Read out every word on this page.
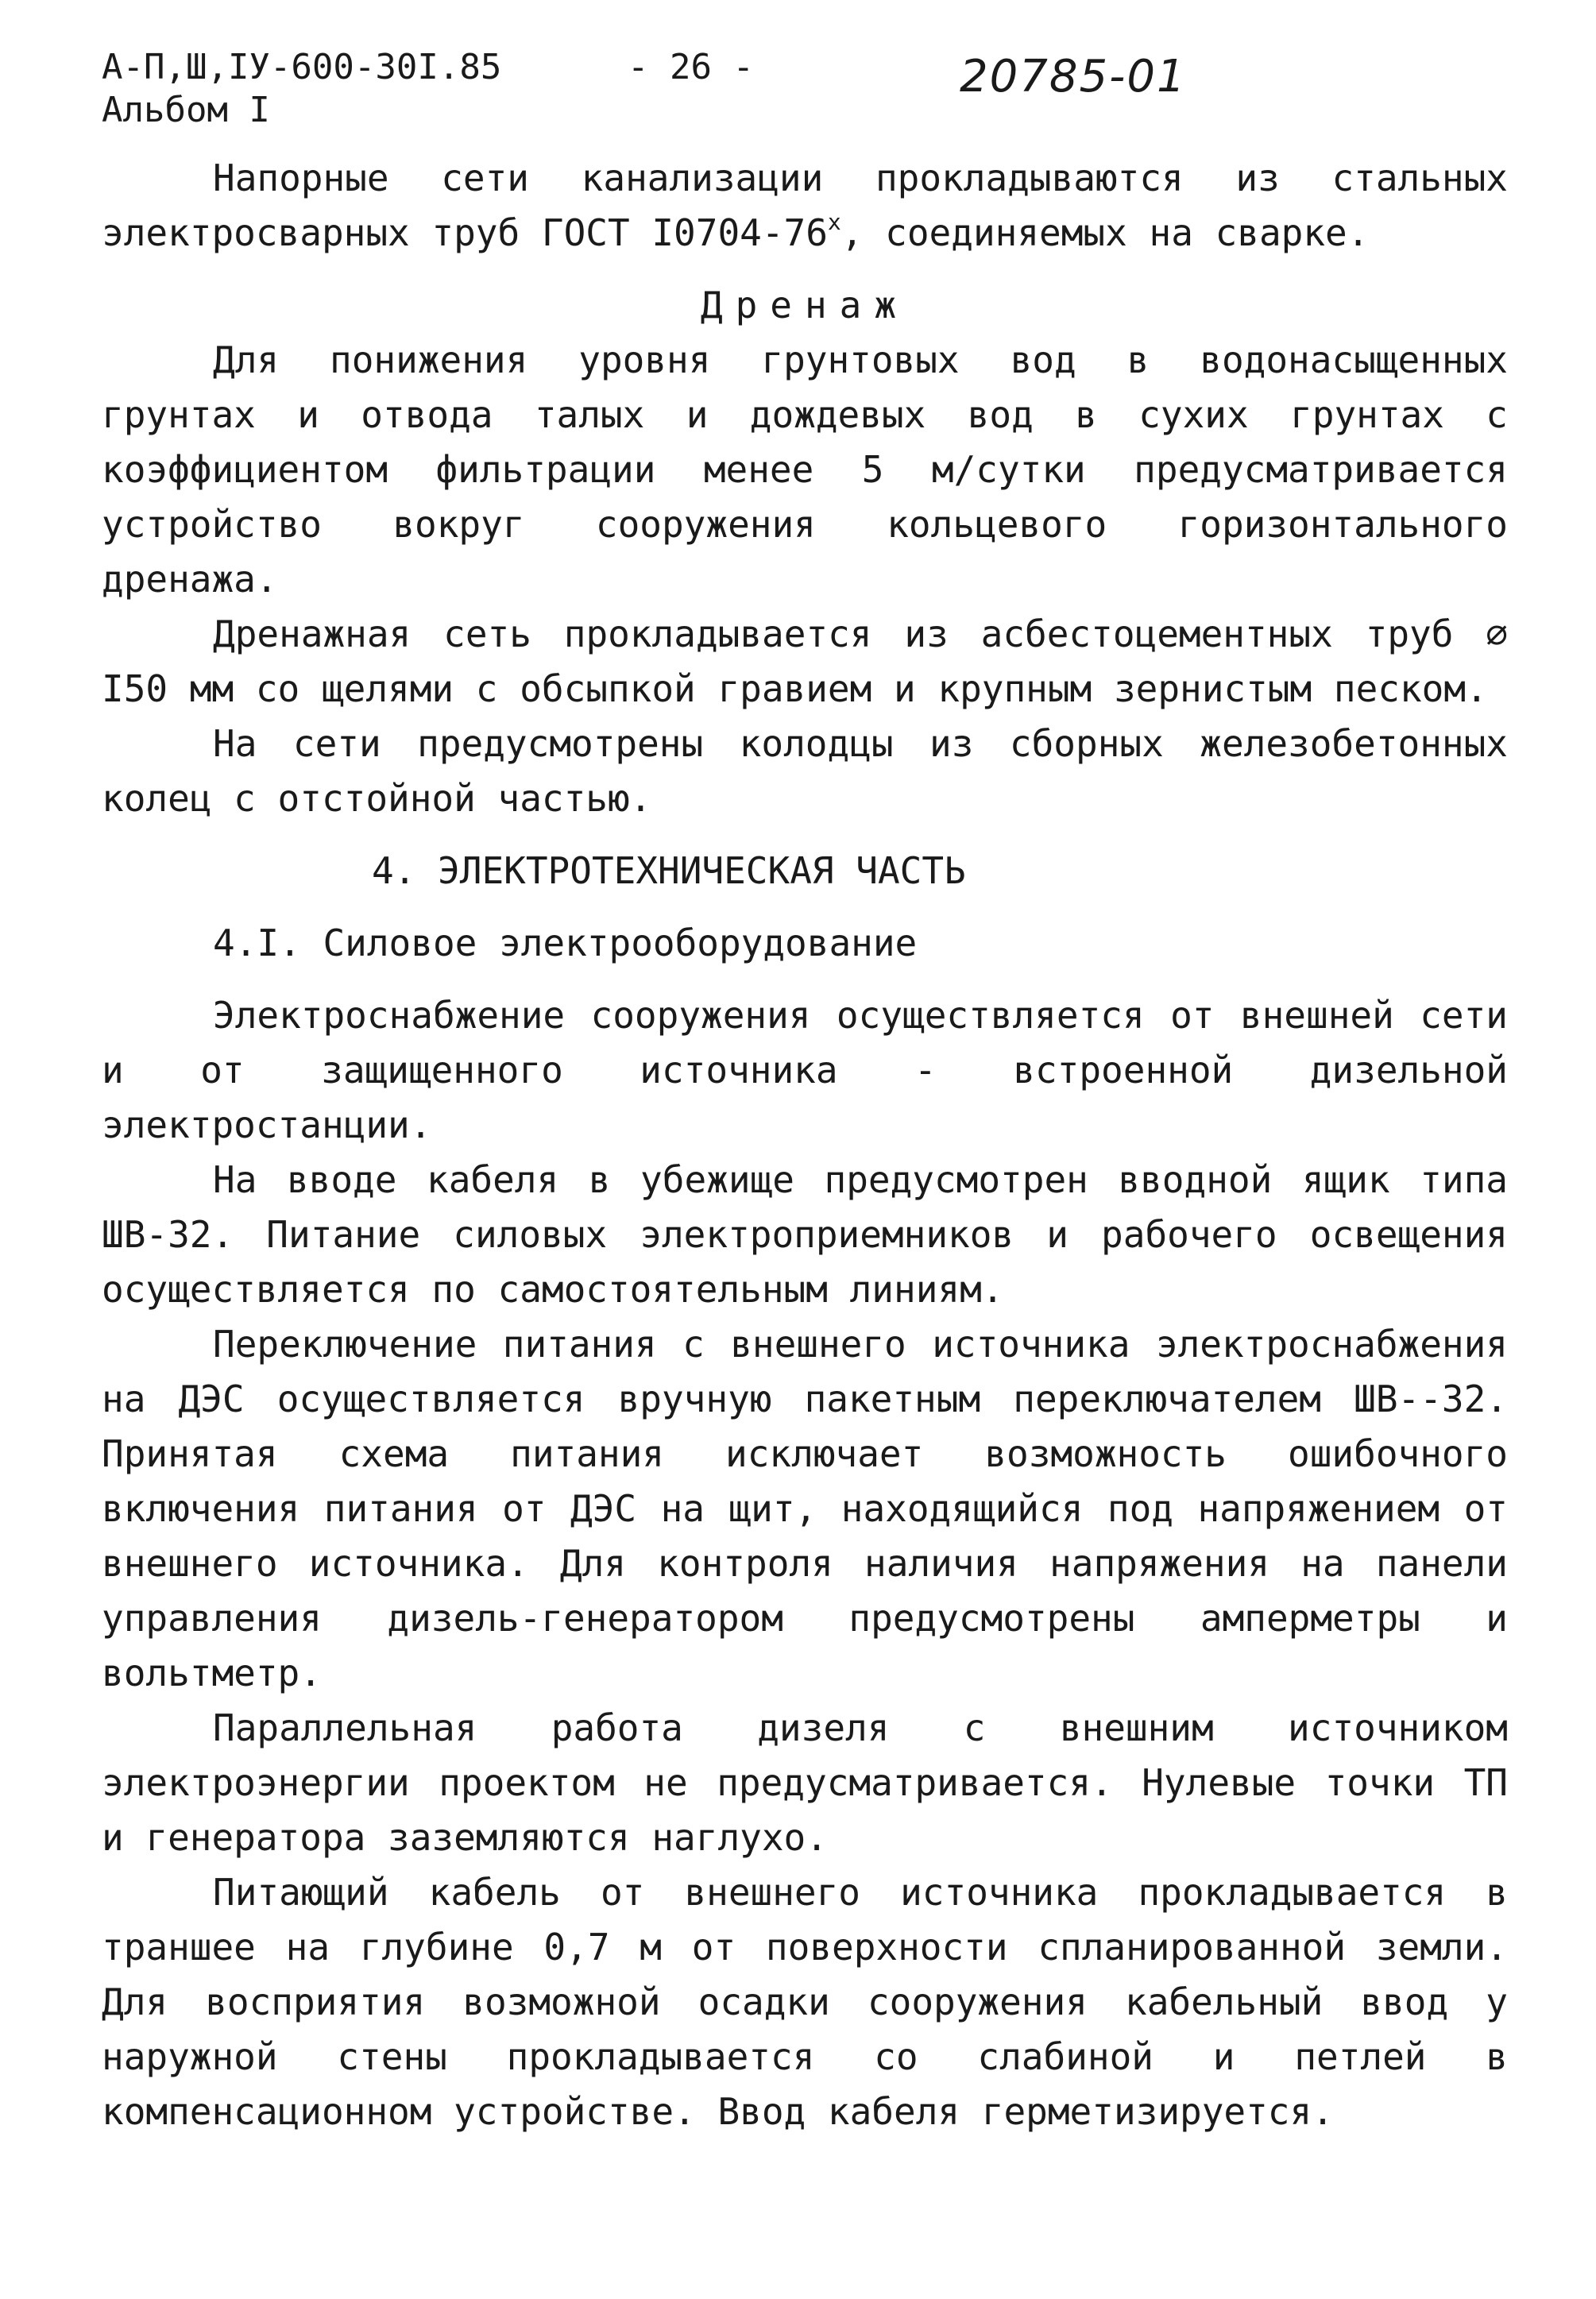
А-П,Ш,IУ-600-30I.85
Альбом I
- 26 -	20785-01

Напорные сети канализации прокладываются из стальных электросварных труб ГОСТ $I0704-76^х$, соединяемых на сварке.

Дренаж

Для понижения уровня грунтовых вод в водонасыщенных грунтах и отвода талых и дождевых вод в сухих грунтах с коэффициентом фильтрации менее 5 м/сутки предусматривается устройство вокруг сооружения кольцевого горизонтального дренажа.

Дренажная сеть прокладывается из асбестоцементных труб ∅ I50 мм со щелями с обсыпкой гравием и крупным зернистым песком.

На сети предусмотрены колодцы из сборных железобетонных колец с отстойной частью.

4. ЭЛЕКТРОТЕХНИЧЕСКАЯ ЧАСТЬ

4.I. Силовое электрооборудование

Электроснабжение сооружения осуществляется от внешней сети и от защищенного источника - встроенной дизельной электростанции.

На вводе кабеля в убежище предусмотрен вводной ящик типа ШВ-32. Питание силовых электроприемников и рабочего освещения осуществляется по самостоятельным линиям.

Переключение питания с внешнего источника электроснабжения на ДЭС осуществляется вручную пакетным переключателем ШВ--32. Принятая схема питания исключает возможность ошибочного включения питания от ДЭС на щит, находящийся под напряжением от внешнего источника. Для контроля наличия напряжения на панели управления дизель-генератором предусмотрены амперметры и вольтметр.

Параллельная работа дизеля с внешним источником электроэнергии проектом не предусматривается. Нулевые точки ТП и генератора заземляются наглухо.

Питающий кабель от внешнего источника прокладывается в траншее на глубине 0,7 м от поверхности спланированной земли. Для восприятия возможной осадки сооружения кабельный ввод у наружной стены прокладывается со слабиной и петлей в компенсационном устройстве. Ввод кабеля герметизируется.
